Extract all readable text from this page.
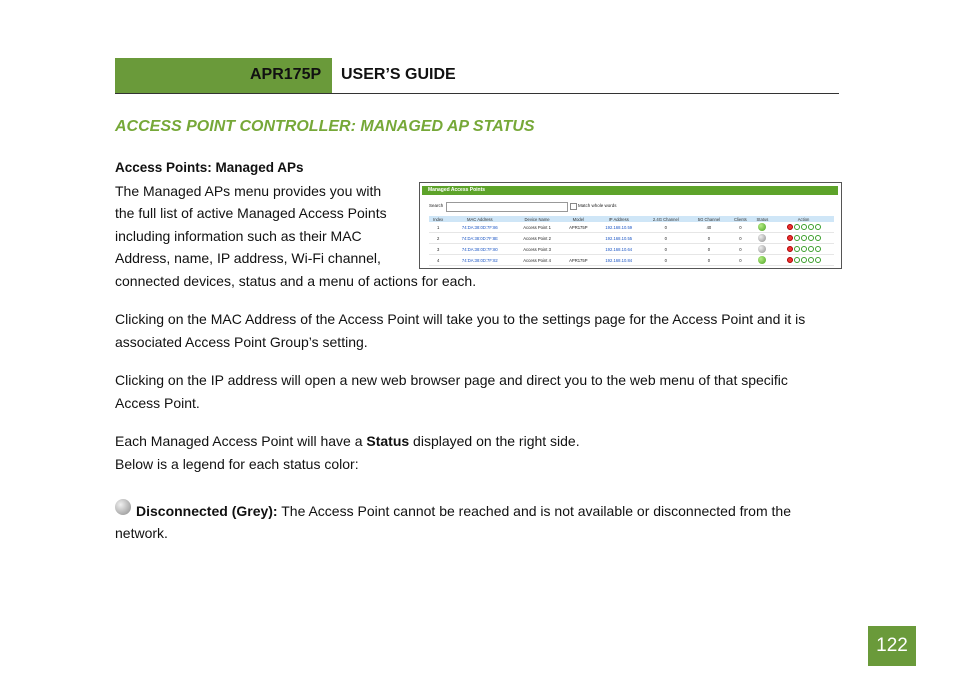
APR175P USER’S GUIDE
ACCESS POINT CONTROLLER: MANAGED AP STATUS
Access Points: Managed APs
The Managed APs menu provides you with
the full list of active Managed Access Points
including information such as their MAC
Address, name, IP address, Wi-Fi channel,
connected devices, status and a menu of actions for each.
Managed Access Points
Search	Match whole words
Index	MAC Address	Device Name	Model	IP Address	2.4G Channel	5G Channel	Clients	Status	Action
1	74:DA:38:0D:7F:86	Access Point 1	APR175P	192.168.10.59	0	40	0		

2	74:DA:38:0D:7F:8E	Access Point 2		192.168.10.55	0	0	0		

3	74:DA:38:0D:7F:80	Access Point 3		192.168.10.64	0	0	0		

4	74:DA:38:0D:7F:82	Access Point 4	APR175P	192.168.10.84	0	0	0		
Clicking on the MAC Address of the Access Point will take you to the settings page for the Access Point and it is
associated Access Point Group’s setting.
Clicking on the IP address will open a new web browser page and direct you to the web menu of that specific
Access Point.
Each Managed Access Point will have a Status displayed on the right side.
Below is a legend for each status color:
Disconnected (Grey): The Access Point cannot be reached and is not available or disconnected from the
network.
122
